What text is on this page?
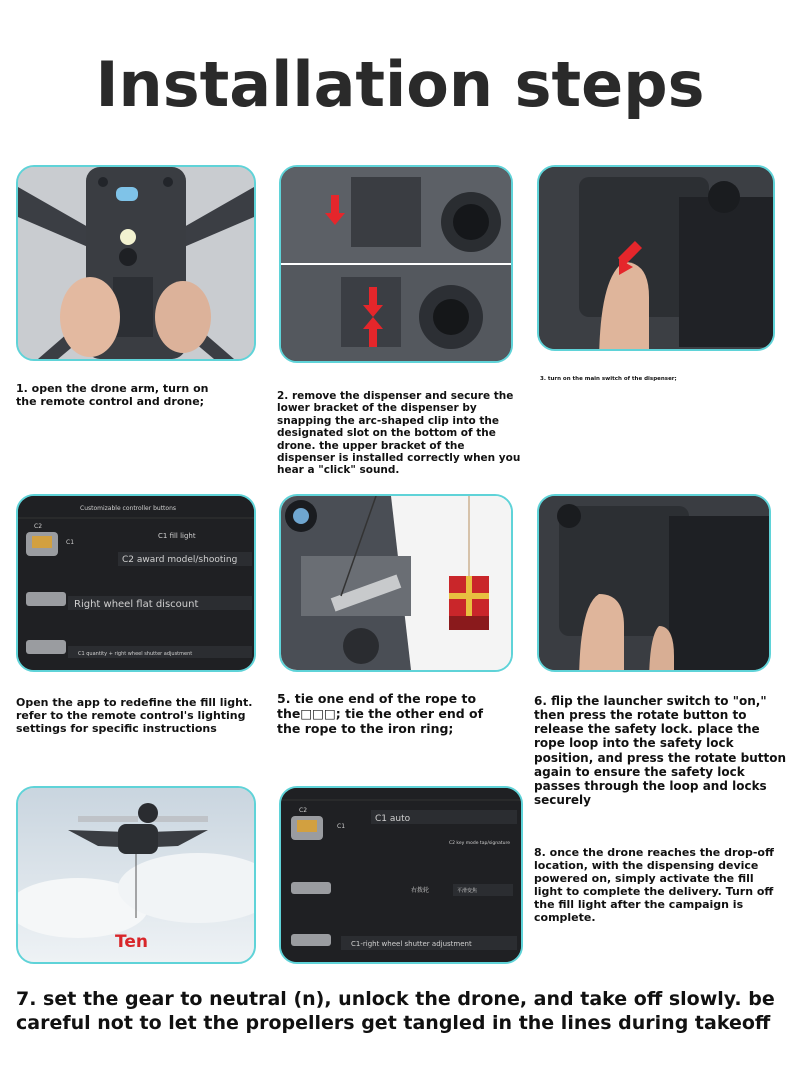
Installation steps
1. open the drone arm, turn on the remote control and drone;	2. remove the dispenser and secure the lower bracket of the dispenser by snapping the arc-shaped clip into the designated slot on the bottom of the drone. the upper bracket of the dispenser is installed correctly when you hear a "click" sound.
3. turn on the main switch of the dispenser;
Customizable controller buttons
C2
C1
C1 fill light
C2 award model/shooting
Right wheel flat discount
C1 quantity + right wheel shutter adjustment
Open the app to redefine the fill light. refer to the remote control's lighting settings for specific instructions
5. tie one end of the rope to the□□□; tie the other end of the rope to the iron ring;
6. flip the launcher switch to "on," then press the rotate button to release the safety lock. place the rope loop into the safety lock position, and press the rotate button again to ensure the safety lock passes through the loop and locks securely
Ten
C2
C1
C1 auto
C2 key mode tap/signature
右拨轮	平滑变焦
C1-right wheel shutter adjustment
8. once the drone reaches the drop-off location, with the dispensing device powered on, simply activate the fill light to complete the delivery. Turn off the fill light after the campaign is complete.
7. set the gear to neutral (n), unlock the drone, and take off slowly. be careful not to let the propellers get tangled in the lines during takeoff
